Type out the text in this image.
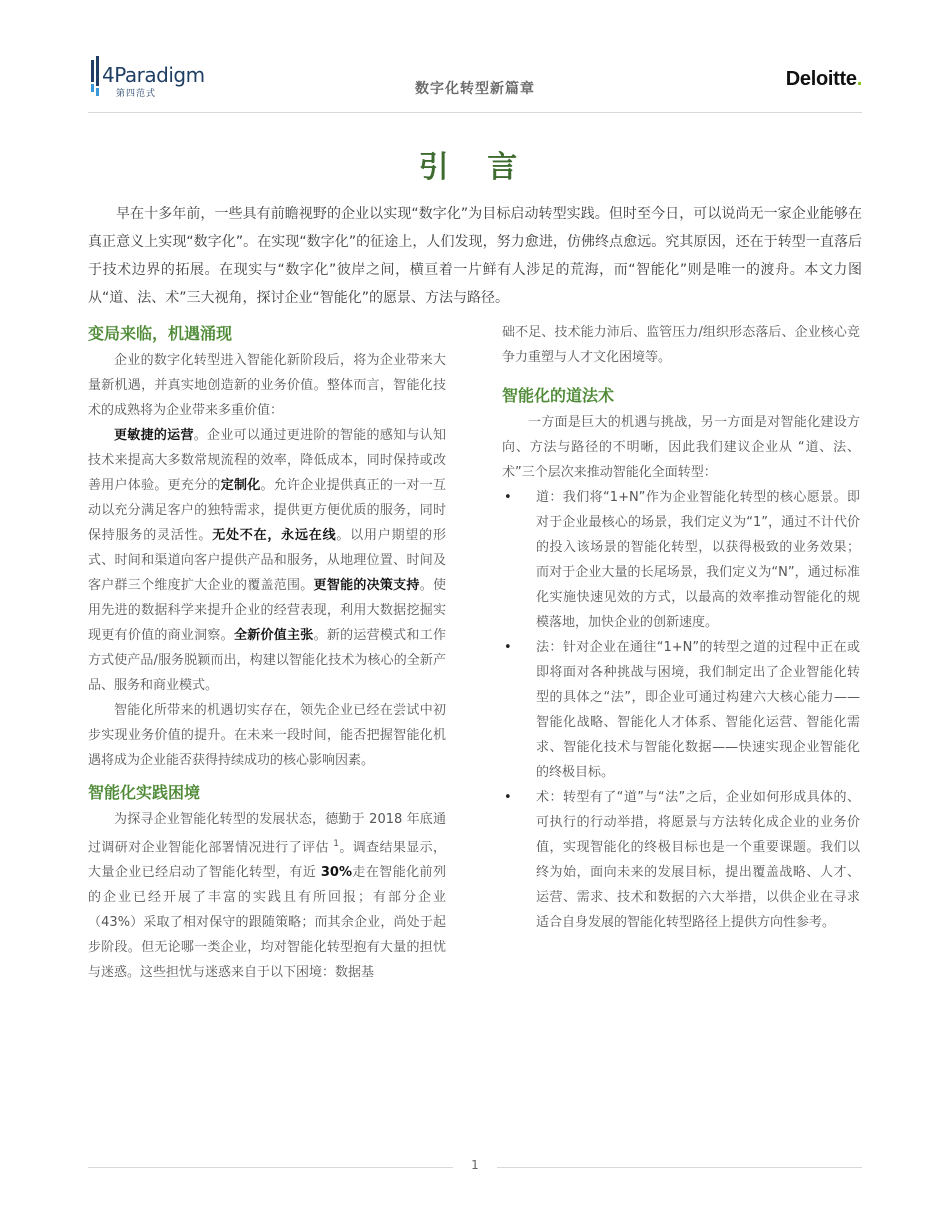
4Paradigm
第四范式	数字化转型新篇章	Deloitte.
引 言

早在十多年前，一些具有前瞻视野的企业以实现“数字化”为目标启动转型实践。但时至今日，可以说尚无一家企业能够在真正意义上实现“数字化”。在实现“数字化”的征途上，人们发现，努力愈进，仿佛终点愈远。究其原因，还在于转型一直落后于技术边界的拓展。在现实与“数字化”彼岸之间，横亘着一片鲜有人涉足的荒海，而“智能化”则是唯一的渡舟。本文力图从“道、法、术”三大视角，探讨企业“智能化”的愿景、方法与路径。

变局来临，机遇涌现

企业的数字化转型进入智能化新阶段后，将为企业带来大量新机遇，并真实地创造新的业务价值。整体而言，智能化技术的成熟将为企业带来多重价值：

更敏捷的运营。企业可以通过更进阶的智能的感知与认知技术来提高大多数常规流程的效率，降低成本，同时保持或改善用户体验。更充分的定制化。允许企业提供真正的一对一互动以充分满足客户的独特需求，提供更方便优质的服务，同时保持服务的灵活性。无处不在，永远在线。以用户期望的形式、时间和渠道向客户提供产品和服务，从地理位置、时间及客户群三个维度扩大企业的覆盖范围。更智能的决策支持。使用先进的数据科学来提升企业的经营表现，利用大数据挖掘实现更有价值的商业洞察。全新价值主张。新的运营模式和工作方式使产品/服务脱颖而出，构建以智能化技术为核心的全新产品、服务和商业模式。

智能化所带来的机遇切实存在，领先企业已经在尝试中初步实现业务价值的提升。在未来一段时间，能否把握智能化机遇将成为企业能否获得持续成功的核心影响因素。

智能化实践困境

为探寻企业智能化转型的发展状态，德勤于 2018 年底通过调研对企业智能化部署情况进行了评估 $^1$。调查结果显示，大量企业已经启动了智能化转型，有近 30%走在智能化前列的企业已经开展了丰富的实践且有所回报；有部分企业（43%）采取了相对保守的跟随策略；而其余企业，尚处于起步阶段。但无论哪一类企业，均对智能化转型抱有大量的担忧与迷惑。这些担忧与迷惑来自于以下困境：数据基

础不足、技术能力沛后、监管压力/组织形态落后、企业核心竞争力重塑与人才文化困境等。

智能化的道法术

一方面是巨大的机遇与挑战，另一方面是对智能化建设方向、方法与路径的不明晰，因此我们建议企业从 “道、法、术”三个层次来推动智能化全面转型：

• 道：我们将“1+N”作为企业智能化转型的核心愿景。即对于企业最核心的场景，我们定义为“1”，通过不计代价的投入该场景的智能化转型，以获得极致的业务效果；而对于企业大量的长尾场景，我们定义为“N”，通过标准化实施快速见效的方式，以最高的效率推动智能化的规模落地，加快企业的创新速度。
• 法：针对企业在通往“1+N”的转型之道的过程中正在或即将面对各种挑战与困境，我们制定出了企业智能化转型的具体之“法”，即企业可通过构建六大核心能力——智能化战略、智能化人才体系、智能化运营、智能化需求、智能化技术与智能化数据——快速实现企业智能化的终极目标。
• 术：转型有了“道”与“法”之后，企业如何形成具体的、可执行的行动举措，将愿景与方法转化成企业的业务价值，实现智能化的终极目标也是一个重要课题。我们以终为始，面向未来的发展目标，提出覆盖战略、人才、运营、需求、技术和数据的六大举措，以供企业在寻求适合自身发展的智能化转型路径上提供方向性参考。
1
